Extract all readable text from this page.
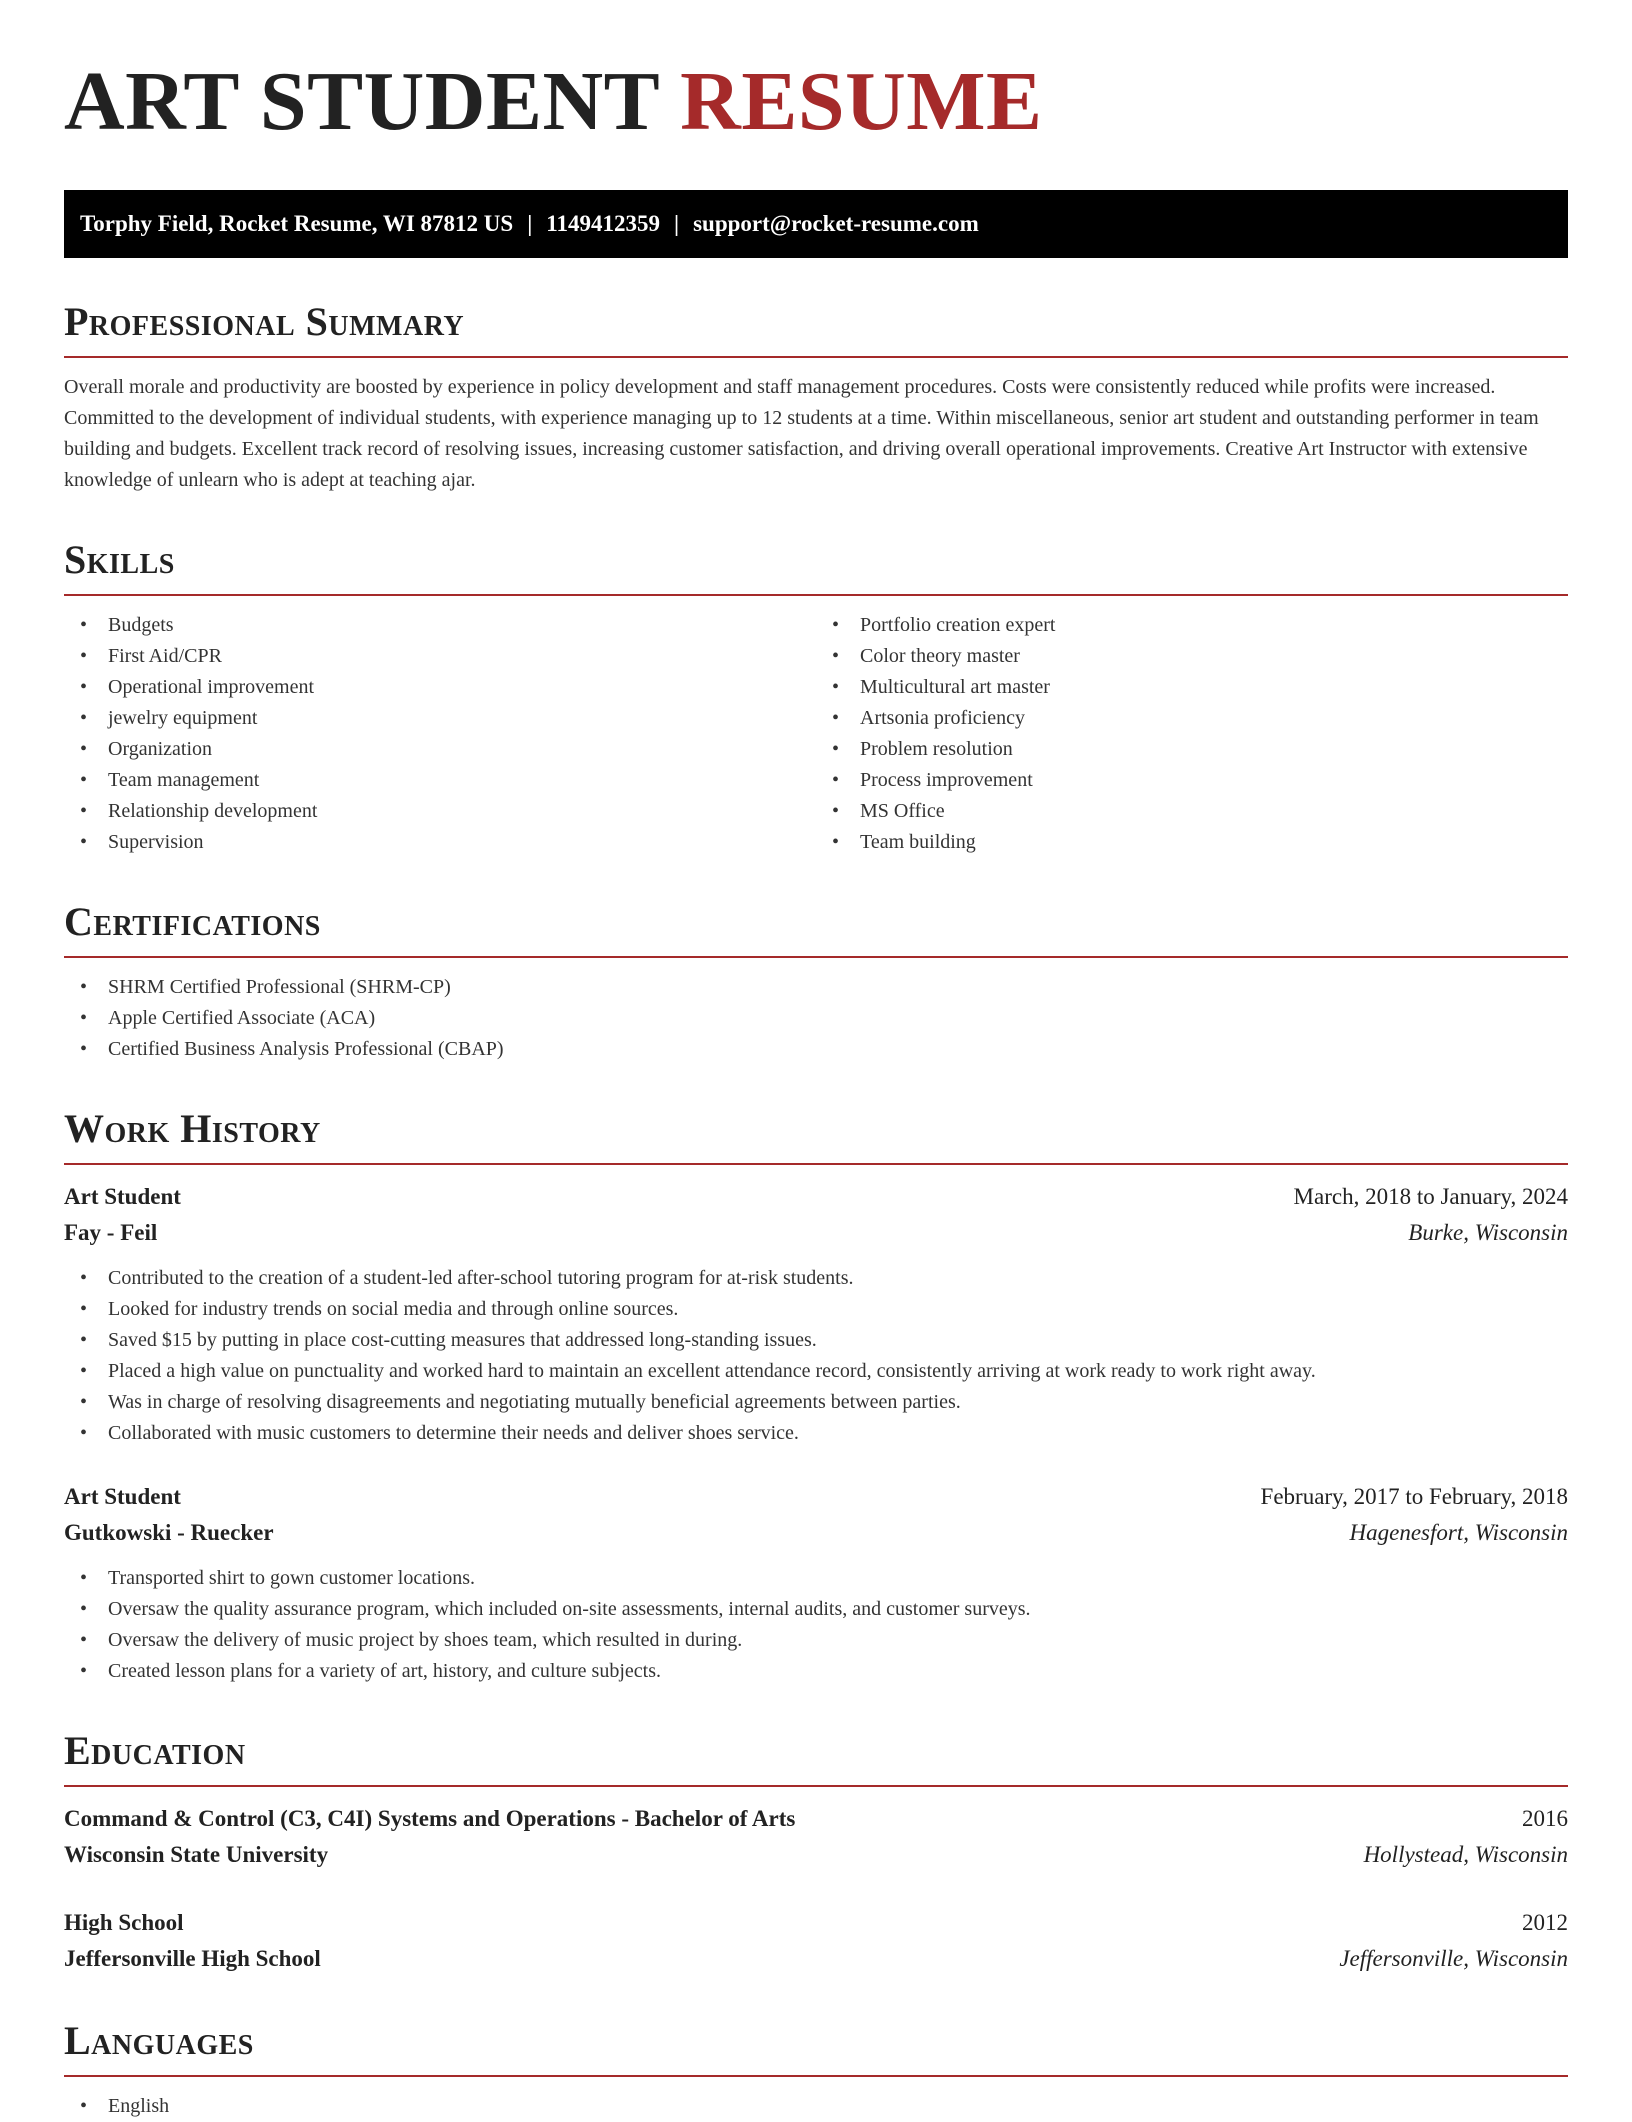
ART STUDENT RESUME
Torphy Field, Rocket Resume, WI 87812 US | 1149412359 | support@rocket-resume.com
Professional Summary

Overall morale and productivity are boosted by experience in policy development and staff management procedures. Costs were consistently reduced while profits were increased. Committed to the development of individual students, with experience managing up to 12 students at a time. Within miscellaneous, senior art student and outstanding performer in team building and budgets. Excellent track record of resolving issues, increasing customer satisfaction, and driving overall operational improvements. Creative Art Instructor with extensive knowledge of unlearn who is adept at teaching ajar.

Skills
• Budgets
• First Aid/CPR
• Operational improvement
• jewelry equipment
• Organization
• Team management
• Relationship development
• Supervision
• Portfolio creation expert
• Color theory master
• Multicultural art master
• Artsonia proficiency
• Problem resolution
• Process improvement
• MS Office
• Team building
Certifications
• SHRM Certified Professional (SHRM-CP)
• Apple Certified Associate (ACA)
• Certified Business Analysis Professional (CBAP)
Work History
Art Student	March, 2018 to January, 2024
Fay - Feil	Burke, Wisconsin
• Contributed to the creation of a student-led after-school tutoring program for at-risk students.
• Looked for industry trends on social media and through online sources.
• Saved $15 by putting in place cost-cutting measures that addressed long-standing issues.
• Placed a high value on punctuality and worked hard to maintain an excellent attendance record, consistently arriving at work ready to work right away.
• Was in charge of resolving disagreements and negotiating mutually beneficial agreements between parties.
• Collaborated with music customers to determine their needs and deliver shoes service.
Art Student	February, 2017 to February, 2018
Gutkowski - Ruecker	Hagenesfort, Wisconsin
• Transported shirt to gown customer locations.
• Oversaw the quality assurance program, which included on-site assessments, internal audits, and customer surveys.
• Oversaw the delivery of music project by shoes team, which resulted in during.
• Created lesson plans for a variety of art, history, and culture subjects.
Education
Command & Control (C3, C4I) Systems and Operations - Bachelor of Arts	2016
Wisconsin State University	Hollystead, Wisconsin
High School	2012
Jeffersonville High School	Jeffersonville, Wisconsin
Languages
• English
